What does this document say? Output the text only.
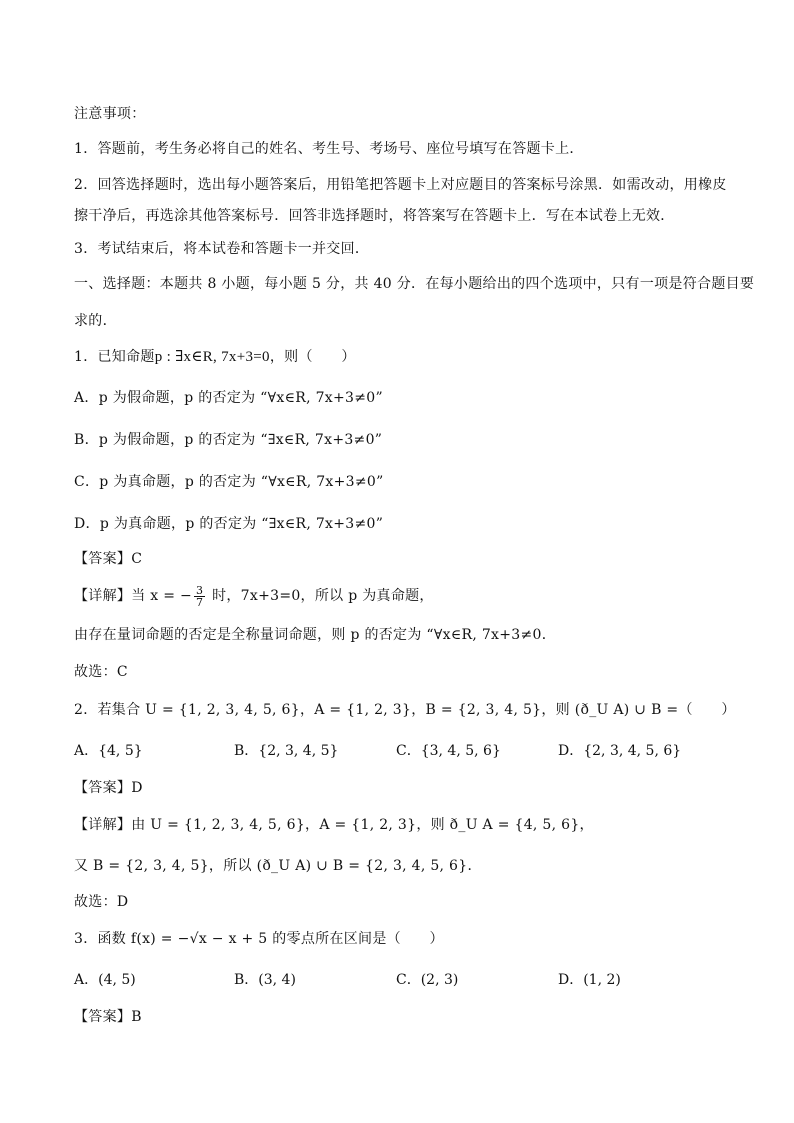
注意事项：
1．答题前，考生务必将自己的姓名、考生号、考场号、座位号填写在答题卡上．
2．回答选择题时，选出每小题答案后，用铅笔把答题卡上对应题目的答案标号涂黑．如需改动，用橡皮
擦干净后，再选涂其他答案标号．回答非选择题时，将答案写在答题卡上．写在本试卷上无效．
3．考试结束后，将本试卷和答题卡一并交回．
一、选择题：本题共 8 小题，每小题 5 分，共 40 分．在每小题给出的四个选项中，只有一项是符合题目要
求的．
1．已知命题p : ∃x∈R, 7x+3=0，则（　　）
A．p 为假命题，p 的否定为 “∀x∈R, 7x+3≠0”
B．p 为假命题，p 的否定为 “∃x∈R, 7x+3≠0”
C．p 为真命题，p 的否定为 “∀x∈R, 7x+3≠0”
D．p 为真命题，p 的否定为 “∃x∈R, 7x+3≠0”
【答案】C
【详解】当 x = − $\frac{3}{7}$ 时，7x+3=0，所以 p 为真命题，
由存在量词命题的否定是全称量词命题，则 p 的否定为 “∀x∈R, 7x+3≠0．
故选：C
2．若集合 U = {1, 2, 3, 4, 5, 6}，A = {1, 2, 3}，B = {2, 3, 4, 5}，则 (ð_U A) ∪ B =（　　）
A．{4, 5}	B．{2, 3, 4, 5}	C．{3, 4, 5, 6}	D．{2, 3, 4, 5, 6}
【答案】D
【详解】由 U = {1, 2, 3, 4, 5, 6}，A = {1, 2, 3}，则 ð_U A = {4, 5, 6}，
又 B = {2, 3, 4, 5}，所以 (ð_U A) ∪ B = {2, 3, 4, 5, 6}．
故选：D
3．函数 f(x) = −√x − x + 5 的零点所在区间是（　　）
A．(4, 5)	B．(3, 4)	C．(2, 3)	D．(1, 2)
【答案】B
